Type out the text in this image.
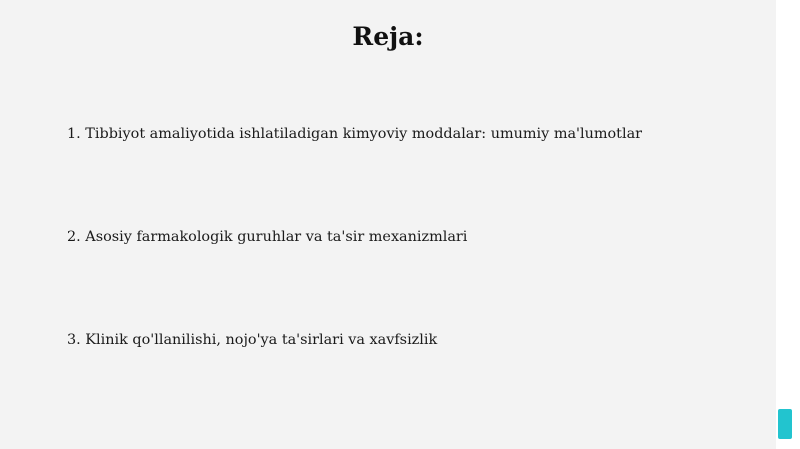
Reja:
1. Tibbiyot amaliyotida ishlatiladigan kimyoviy moddalar: umumiy ma'lumotlar
2. Asosiy farmakologik guruhlar va ta'sir mexanizmlari
3. Klinik qo'llanilishi, nojo'ya ta'sirlari va xavfsizlik
